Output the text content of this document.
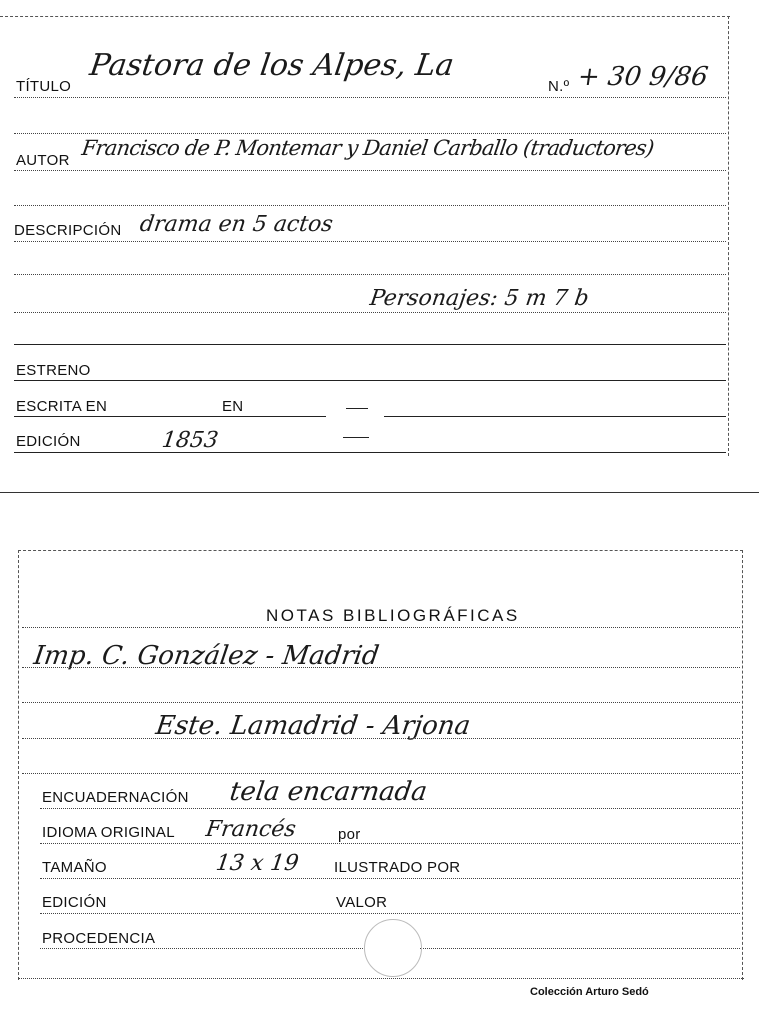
TÍTULO
Pastora de los Alpes, La
N.º + 30 9/86
AUTOR
Francisco de P. Montemar y Daniel Carballo (traductores)
DESCRIPCIÓN drama en 5 actos
Personajes: 5 m 7 b
ESTRENO
ESCRITA EN	EN
EDICIÓN	1853
NOTAS BIBLIOGRÁFICAS
Imp. C. González - Madrid
Este. Lamadrid - Arjona
ENCUADERNACIÓN tela encarnada
IDIOMA ORIGINAL Francés	por
TAMAÑO	13 x 19 ILUSTRADO POR
EDICIÓN	VALOR
PROCEDENCIA
Colección Arturo Sedó
